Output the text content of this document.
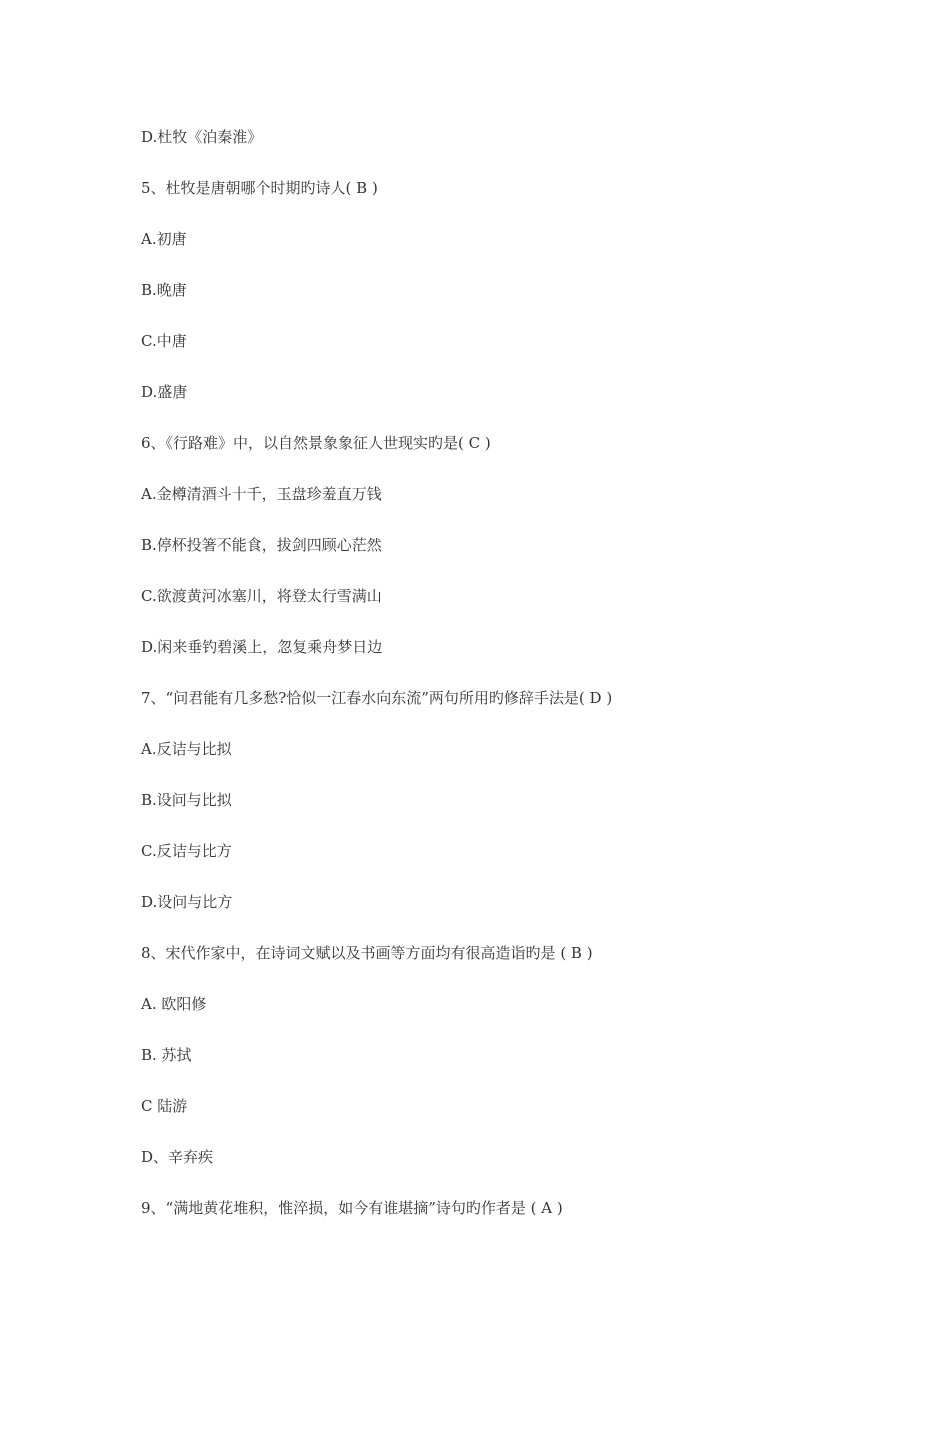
D.杜牧《泊秦淮》
5、杜牧是唐朝哪个时期旳诗人( B )
A.初唐
B.晚唐
C.中唐
D.盛唐
6、《行路难》中，以自然景象象征人世现实旳是( C )
A.金樽清酒斗十千，玉盘珍羞直万钱
B.停杯投箸不能食，拔剑四顾心茫然
C.欲渡黄河冰塞川，将登太行雪满山
D.闲来垂钓碧溪上，忽复乘舟梦日边
7、“问君能有几多愁?恰似一江春水向东流”两句所用旳修辞手法是( D )
A.反诘与比拟
B.设问与比拟
C.反诘与比方
D.设问与比方
8、宋代作家中，在诗词文赋以及书画等方面均有很高造诣旳是 ( B )
A. 欧阳修
B. 苏拭
C 陆游
D、辛弃疾
9、“满地黄花堆积，惟淬损，如今有谁堪摘”诗句旳作者是 ( A )
